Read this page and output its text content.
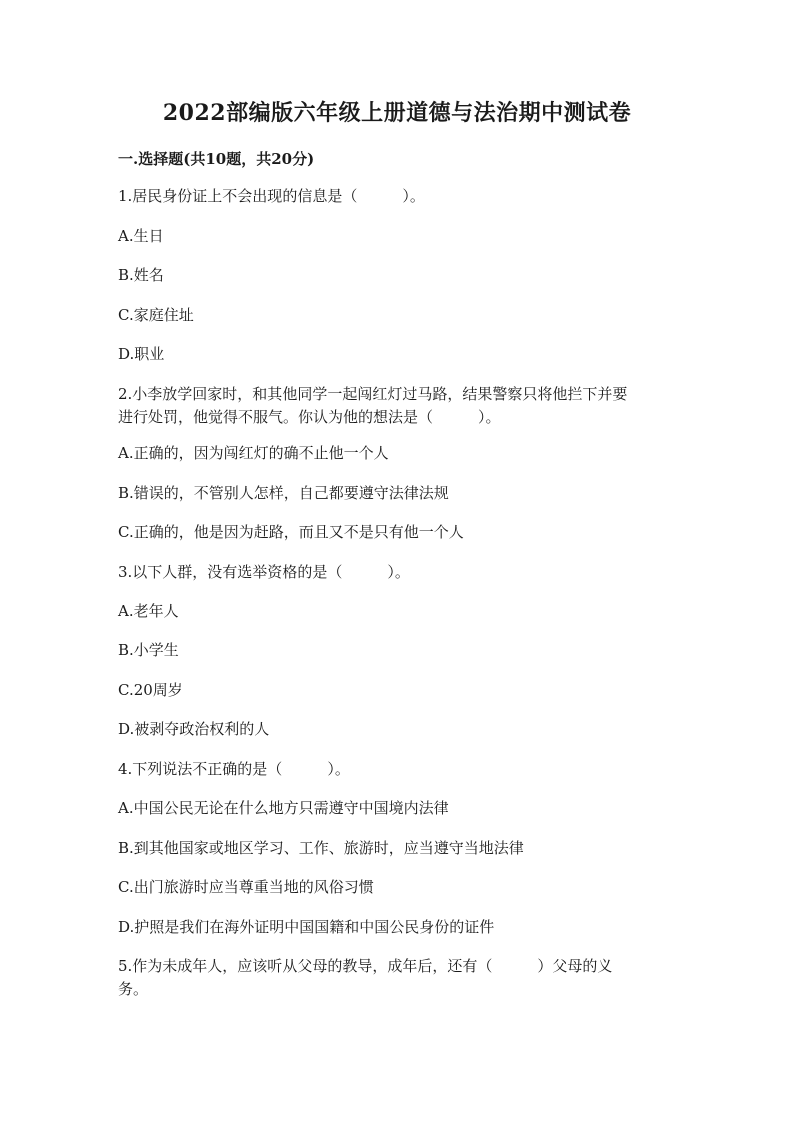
2022部编版六年级上册道德与法治期中测试卷
一.选择题(共10题，共20分)
1.居民身份证上不会出现的信息是（　　　）。
A.生日
B.姓名
C.家庭住址
D.职业
2.小李放学回家时，和其他同学一起闯红灯过马路，结果警察只将他拦下并要
进行处罚，他觉得不服气。你认为他的想法是（　　　）。
A.正确的，因为闯红灯的确不止他一个人
B.错误的，不管别人怎样，自己都要遵守法律法规
C.正确的，他是因为赶路，而且又不是只有他一个人
3.以下人群，没有选举资格的是（　　　）。
A.老年人
B.小学生
C.20周岁
D.被剥夺政治权利的人
4.下列说法不正确的是（　　　）。
A.中国公民无论在什么地方只需遵守中国境内法律
B.到其他国家或地区学习、工作、旅游时，应当遵守当地法律
C.出门旅游时应当尊重当地的风俗习惯
D.护照是我们在海外证明中国国籍和中国公民身份的证件
5.作为未成年人，应该听从父母的教导，成年后，还有（　　　）父母的义
务。
